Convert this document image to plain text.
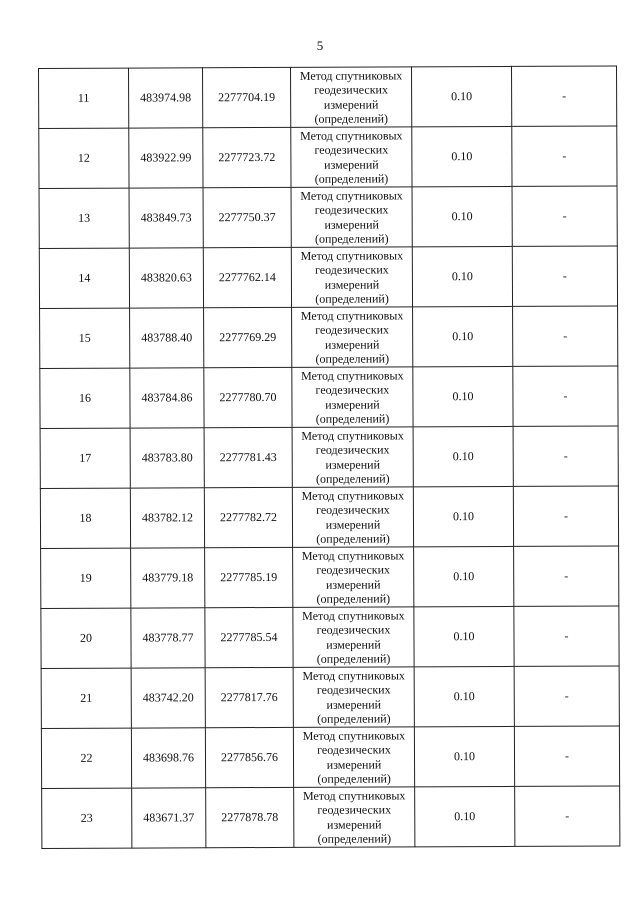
5
11	483974.98	2277704.19	Метод спутниковых
геодезических
измерений
(определений)	0.10	-
12	483922.99	2277723.72	Метод спутниковых
геодезических
измерений
(определений)	0.10	-
13	483849.73	2277750.37	Метод спутниковых
геодезических
измерений
(определений)	0.10	-
14	483820.63	2277762.14	Метод спутниковых
геодезических
измерений
(определений)	0.10	-
15	483788.40	2277769.29	Метод спутниковых
геодезических
измерений
(определений)	0.10	-
16	483784.86	2277780.70	Метод спутниковых
геодезических
измерений
(определений)	0.10	-
17	483783.80	2277781.43	Метод спутниковых
геодезических
измерений
(определений)	0.10	-
18	483782.12	2277782.72	Метод спутниковых
геодезических
измерений
(определений)	0.10	-
19	483779.18	2277785.19	Метод спутниковых
геодезических
измерений
(определений)	0.10	-
20	483778.77	2277785.54	Метод спутниковых
геодезических
измерений
(определений)	0.10	-
21	483742.20	2277817.76	Метод спутниковых
геодезических
измерений
(определений)	0.10	-
22	483698.76	2277856.76	Метод спутниковых
геодезических
измерений
(определений)	0.10	-
23	483671.37	2277878.78	Метод спутниковых
геодезических
измерений
(определений)	0.10	-
